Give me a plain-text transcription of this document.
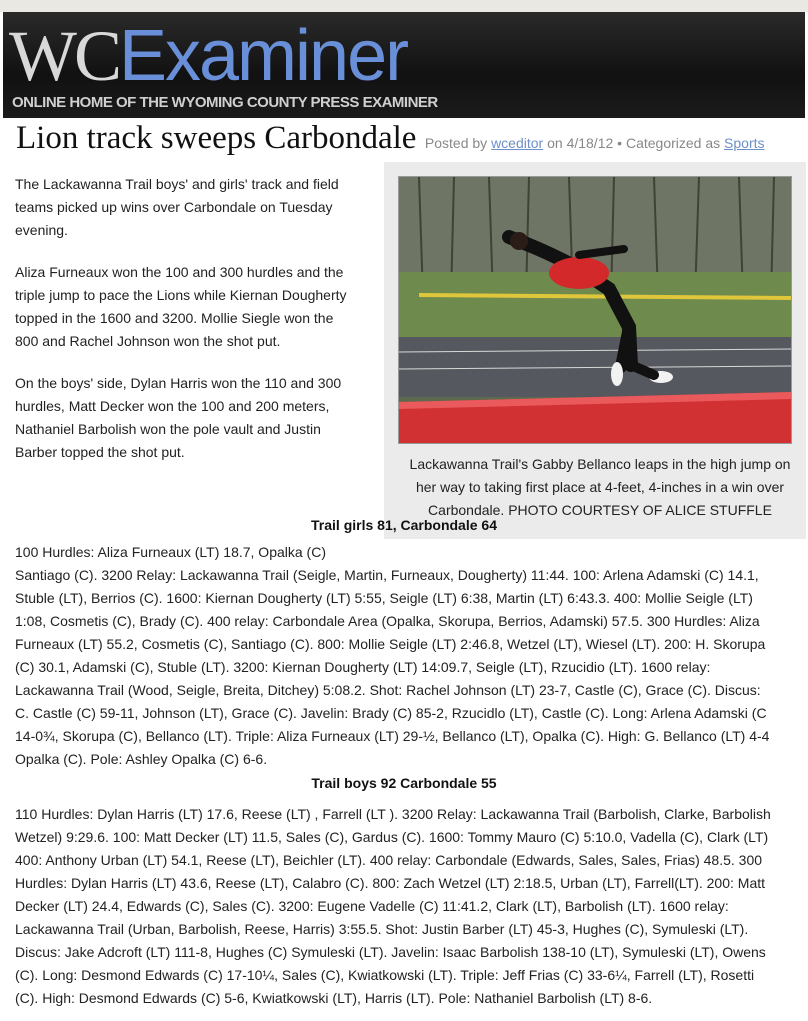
WCExaminer
ONLINE HOME OF THE WYOMING COUNTY PRESS EXAMINER
Lion track sweeps Carbondale Posted by wceditor on 4/18/12 • Categorized as Sports

The Lackawanna Trail boys' and girls' track and field teams picked up wins over Carbondale on Tuesday evening.

Aliza Furneaux won the 100 and 300 hurdles and the triple jump to pace the Lions while Kiernan Dougherty topped in the 1600 and 3200. Mollie Siegle won the 800 and Rachel Johnson won the shot put.

On the boys' side, Dylan Harris won the 110 and 300 hurdles, Matt Decker won the 100 and 200 meters, Nathaniel Barbolish won the pole vault and Justin Barber topped the shot put.

Lackawanna Trail's Gabby Bellanco leaps in the high jump on her way to taking first place at 4-feet, 4-inches in a win over Carbondale. PHOTO COURTESY OF ALICE STUFFLE
Trail girls 81, Carbondale 64
100 Hurdles: Aliza Furneaux (LT) 18.7, Opalka (C)
Santiago (C). 3200 Relay: Lackawanna Trail (Seigle, Martin, Furneaux, Dougherty) 11:44. 100: Arlena Adamski (C) 14.1,
Stuble (LT), Berrios (C). 1600: Kiernan Dougherty (LT) 5:55, Seigle (LT) 6:38, Martin (LT) 6:43.3. 400: Mollie Seigle (LT)
1:08, Cosmetis (C), Brady (C). 400 relay: Carbondale Area (Opalka, Skorupa, Berrios, Adamski) 57.5. 300 Hurdles: Aliza
Furneaux (LT) 55.2, Cosmetis (C), Santiago (C). 800: Mollie Seigle (LT) 2:46.8, Wetzel (LT), Wiesel (LT). 200: H. Skorupa
(C) 30.1, Adamski (C), Stuble (LT). 3200: Kiernan Dougherty (LT) 14:09.7, Seigle (LT), Rzucidio (LT). 1600 relay:
Lackawanna Trail (Wood, Seigle, Breita, Ditchey) 5:08.2. Shot: Rachel Johnson (LT) 23-7, Castle (C), Grace (C). Discus:
C. Castle (C) 59-11, Johnson (LT), Grace (C). Javelin: Brady (C) 85-2, Rzucidlo (LT), Castle (C). Long: Arlena Adamski (C
14-0¾, Skorupa (C), Bellanco (LT). Triple: Aliza Furneaux (LT) 29-½, Bellanco (LT), Opalka (C). High: G. Bellanco (LT) 4-4
Opalka (C). Pole: Ashley Opalka (C) 6-6.
Trail boys 92 Carbondale 55
110 Hurdles: Dylan Harris (LT) 17.6, Reese (LT) , Farrell (LT ). 3200 Relay: Lackawanna Trail (Barbolish, Clarke, Barbolish
Wetzel) 9:29.6. 100: Matt Decker (LT) 11.5, Sales (C), Gardus (C). 1600: Tommy Mauro (C) 5:10.0, Vadella (C), Clark (LT)
400: Anthony Urban (LT) 54.1, Reese (LT), Beichler (LT). 400 relay: Carbondale (Edwards, Sales, Sales, Frias) 48.5. 300
Hurdles: Dylan Harris (LT) 43.6, Reese (LT), Calabro (C). 800: Zach Wetzel (LT) 2:18.5, Urban (LT), Farrell(LT). 200: Matt
Decker (LT) 24.4, Edwards (C), Sales (C). 3200: Eugene Vadelle (C) 11:41.2, Clark (LT), Barbolish (LT). 1600 relay:
Lackawanna Trail (Urban, Barbolish, Reese, Harris) 3:55.5. Shot: Justin Barber (LT) 45-3, Hughes (C), Symuleski (LT).
Discus: Jake Adcroft (LT) 111-8, Hughes (C) Symuleski (LT). Javelin: Isaac Barbolish 138-10 (LT), Symuleski (LT), Owens
(C). Long: Desmond Edwards (C) 17-10¼, Sales (C), Kwiatkowski (LT). Triple: Jeff Frias (C) 33-6¼, Farrell (LT), Rosetti
(C). High: Desmond Edwards (C) 5-6, Kwiatkowski (LT), Harris (LT). Pole: Nathaniel Barbolish (LT) 8-6.
